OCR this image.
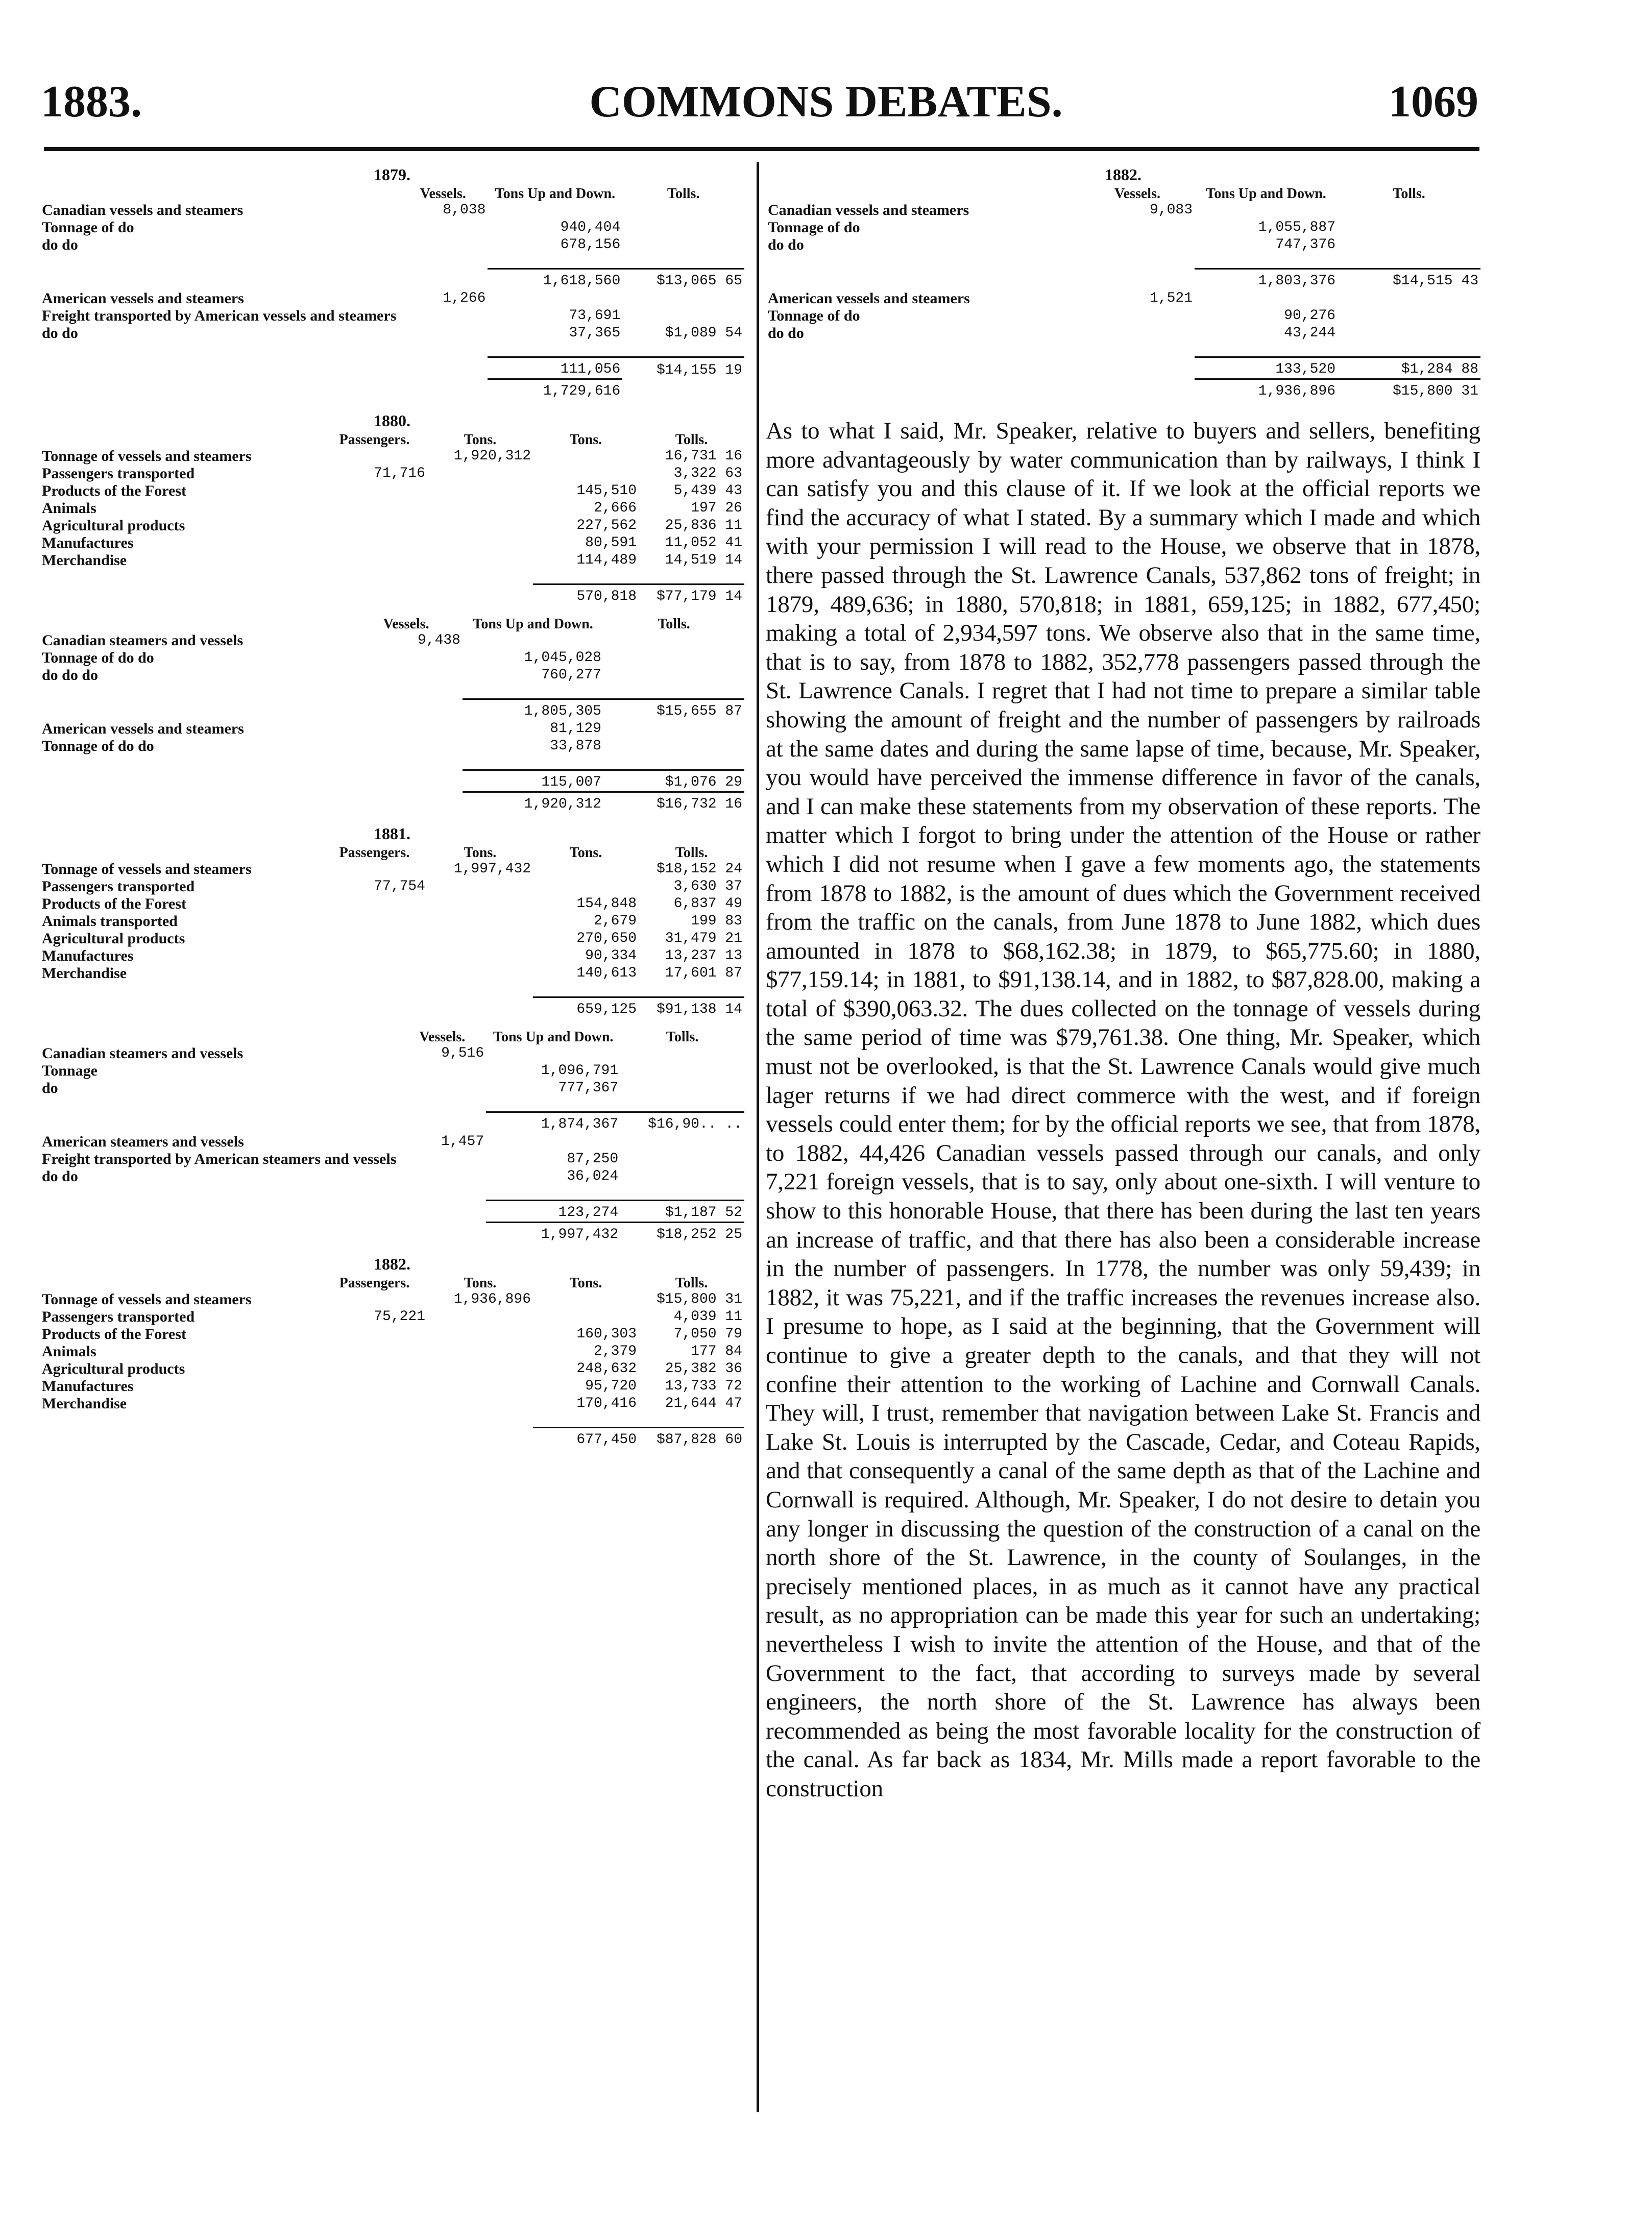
1883.	COMMONS DEBATES.	1069
1879.
	Vessels.	Tons Up and Down.	Tolls.
Canadian vessels and steamers	8,038		
Tonnage of do		940,404	
do do		678,156	

		1,618,560	$13,065 65
American vessels and steamers	1,266		
Freight transported by American vessels and steamers		73,691	
do do		37,365	$1,089 54

		111,056	$14,155 19
		1,729,616	
1880.
	Passengers.	Tons.	Tons.	Tolls.
Tonnage of vessels and steamers		1,920,312		16,731 16
Passengers transported	71,716			3,322 63
Products of the Forest			145,510	5,439 43
Animals			2,666	197 26
Agricultural products			227,562	25,836 11
Manufactures			80,591	11,052 41
Merchandise			114,489	14,519 14

			570,818	$77,179 14
	Vessels.	Tons Up and Down.	Tolls.
Canadian steamers and vessels	9,438		
Tonnage of do do		1,045,028	
do do do		760,277	

		1,805,305	$15,655 87
American vessels and steamers		81,129	
Tonnage of do do		33,878	

		115,007	$1,076 29
		1,920,312	$16,732 16
1881.
	Passengers.	Tons.	Tons.	Tolls.
Tonnage of vessels and steamers		1,997,432		$18,152 24
Passengers transported	77,754			3,630 37
Products of the Forest			154,848	6,837 49
Animals transported			2,679	199 83
Agricultural products			270,650	31,479 21
Manufactures			90,334	13,237 13
Merchandise			140,613	17,601 87

			659,125	$91,138 14
	Vessels.	Tons Up and Down.	Tolls.
Canadian steamers and vessels	9,516		
Tonnage		1,096,791	
do		777,367	

		1,874,367	$16,90.. ..
American steamers and vessels	1,457		
Freight transported by American steamers and vessels		87,250	
do do		36,024	

		123,274	$1,187 52
		1,997,432	$18,252 25
1882.
	Passengers.	Tons.	Tons.	Tolls.
Tonnage of vessels and steamers		1,936,896		$15,800 31
Passengers transported	75,221			4,039 11
Products of the Forest			160,303	7,050 79
Animals			2,379	177 84
Agricultural products			248,632	25,382 36
Manufactures			95,720	13,733 72
Merchandise			170,416	21,644 47

			677,450	$87,828 60
1882.
	Vessels.	Tons Up and Down.	Tolls.
Canadian vessels and steamers	9,083		
Tonnage of do		1,055,887	
do do		747,376	

		1,803,376	$14,515 43
American vessels and steamers	1,521		
Tonnage of do		90,276	
do do		43,244	

		133,520	$1,284 88
		1,936,896	$15,800 31
As to what I said, Mr. Speaker, relative to buyers and sellers, benefiting more advantageously by water communication than by railways, I think I can satisfy you and this clause of it. If we look at the official reports we find the accuracy of what I stated. By a summary which I made and which with your permission I will read to the House, we observe that in 1878, there passed through the St. Lawrence Canals, 537,862 tons of freight; in 1879, 489,636; in 1880, 570,818; in 1881, 659,125; in 1882, 677,450; making a total of 2,934,597 tons. We observe also that in the same time, that is to say, from 1878 to 1882, 352,778 passengers passed through the St. Lawrence Canals. I regret that I had not time to prepare a similar table showing the amount of freight and the number of passengers by railroads at the same dates and during the same lapse of time, because, Mr. Speaker, you would have perceived the immense difference in favor of the canals, and I can make these statements from my observation of these reports. The matter which I forgot to bring under the attention of the House or rather which I did not resume when I gave a few moments ago, the statements from 1878 to 1882, is the amount of dues which the Government received from the traffic on the canals, from June 1878 to June 1882, which dues amounted in 1878 to $68,162.38; in 1879, to $65,775.60; in 1880, $77,159.14; in 1881, to $91,138.14, and in 1882, to $87,828.00, making a total of $390,063.32. The dues collected on the tonnage of vessels during the same period of time was $79,761.38. One thing, Mr. Speaker, which must not be overlooked, is that the St. Lawrence Canals would give much lager returns if we had direct commerce with the west, and if foreign vessels could enter them; for by the official reports we see, that from 1878, to 1882, 44,426 Canadian vessels passed through our canals, and only 7,221 foreign vessels, that is to say, only about one-sixth. I will venture to show to this honorable House, that there has been during the last ten years an increase of traffic, and that there has also been a considerable increase in the number of passengers. In 1778, the number was only 59,439; in 1882, it was 75,221, and if the traffic increases the revenues increase also. I presume to hope, as I said at the beginning, that the Government will continue to give a greater depth to the canals, and that they will not confine their attention to the working of Lachine and Cornwall Canals. They will, I trust, remember that navigation between Lake St. Francis and Lake St. Louis is interrupted by the Cascade, Cedar, and Coteau Rapids, and that consequently a canal of the same depth as that of the Lachine and Cornwall is required. Although, Mr. Speaker, I do not desire to detain you any longer in discussing the question of the construction of a canal on the north shore of the St. Lawrence, in the county of Soulanges, in the precisely mentioned places, in as much as it cannot have any practical result, as no appropriation can be made this year for such an undertaking; nevertheless I wish to invite the attention of the House, and that of the Government to the fact, that according to surveys made by several engineers, the north shore of the St. Lawrence has always been recommended as being the most favorable locality for the construction of the canal. As far back as 1834, Mr. Mills made a report favorable to the construction
